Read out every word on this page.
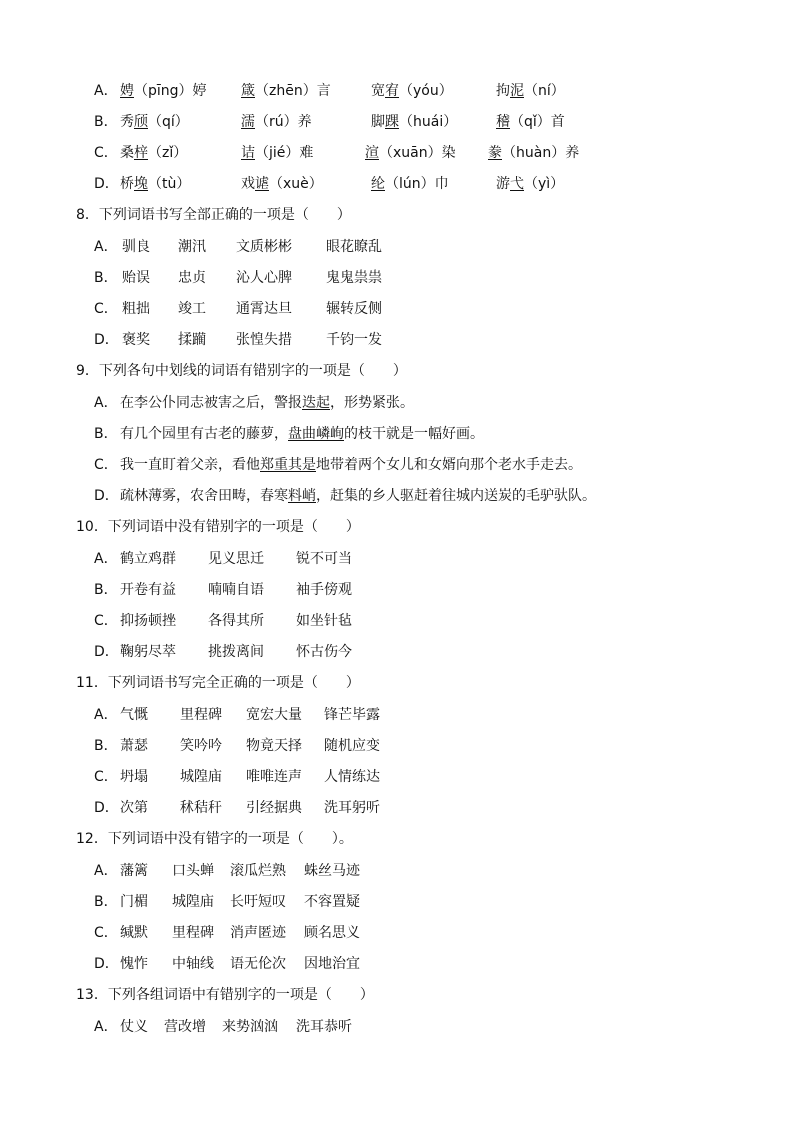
A． 娉（pīng）婷 箴（zhēn）言	宽宥（yóu）	拘泥（ní）
B． 秀颀（qí）	濡（rú）养	脚踝（huái）	稽（qǐ）首
C． 桑梓（zǐ）	诘（jié）难	渲（xuān）染 豢（huàn）养
D． 桥堍（tù）	戏谑（xuè）	纶（lún）巾	游弋（yì）
8．下列词语书写全部正确的一项是（　　）
A． 驯良 潮汛 文质彬彬 眼花瞭乱
B． 贻误 忠贞 沁人心脾 鬼鬼祟祟
C． 粗拙 竣工 通霄达旦 辗转反侧
D． 褒奖 揉躏 张惶失措 千钧一发
9．下列各句中划线的词语有错别字的一项是（　　）
A． 在李公仆同志被害之后，警报迭起，形势紧张。
B． 有几个园里有古老的藤萝，盘曲嶙峋的枝干就是一幅好画。
C． 我一直盯着父亲，看他郑重其是地带着两个女儿和女婿向那个老水手走去。
D． 疏林薄雾，农舍田畴，春寒料峭，赶集的乡人驱赶着往城内送炭的毛驴驮队。
10．下列词语中没有错别字的一项是（　　）
A． 鹤立鸡群 见义思迁 锐不可当
B． 开卷有益 喃喃自语 袖手傍观
C． 抑扬顿挫 各得其所 如坐针毡
D． 鞠躬尽萃 挑拨离间 怀古伤今
11．下列词语书写完全正确的一项是（　　）
A． 气慨 里程碑 宽宏大量 锋芒毕露
B． 萧瑟 笑吟吟 物竟天择 随机应变
C． 坍塌 城隍庙 唯唯连声 人情练达
D． 次第 秫秸秆 引经据典 洗耳躬听
12．下列词语中没有错字的一项是（　　）。
A． 藩篱 口头蝉 滚瓜烂熟 蛛丝马迹
B． 门楣 城隍庙 长吁短叹 不容置疑
C． 缄默 里程碑 消声匿迹 顾名思义
D． 愧怍 中轴线 语无伦次 因地治宜
13．下列各组词语中有错别字的一项是（　　）
A． 仗义 营改增 来势汹汹 洗耳恭听
